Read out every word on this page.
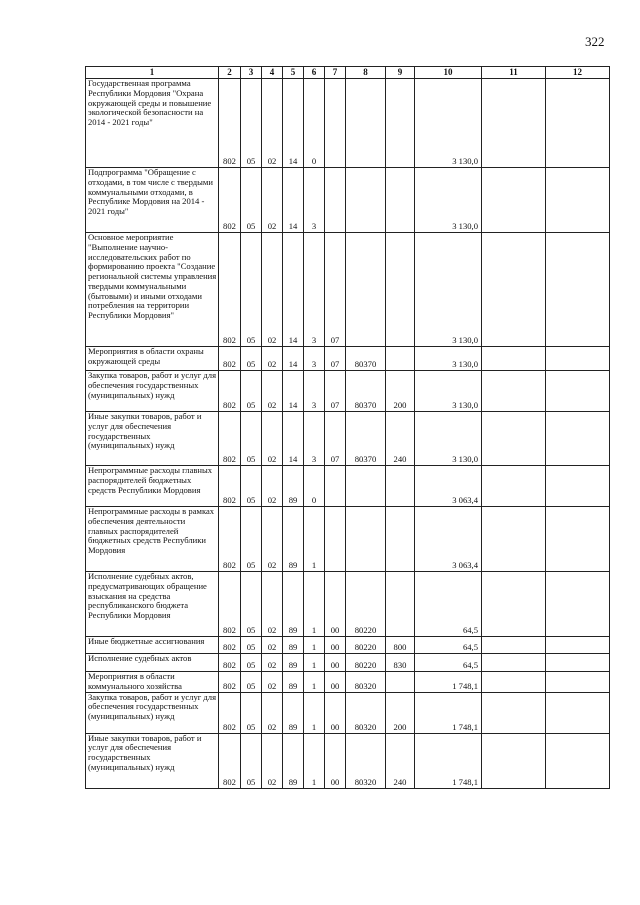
322
1	2	3	4	5	6	7	8	9	10	11	12
Государственная программа Республики Мордовия "Охрана окружающей среды и повышение экологической безопасности на 2014 - 2021 годы"	802	05	02	14	0				3 130,0		
Подпрограмма "Обращение с отходами, в том числе с твердыми коммунальными отходами, в Республике Мордовия на 2014 - 2021 годы"	802	05	02	14	3				3 130,0		
Основное мероприятие "Выполнение научно-исследовательских работ по формированию проекта "Создание региональной системы управления твердыми коммунальными (бытовыми) и иными отходами потребления на территории Республики Мордовия"	802	05	02	14	3	07			3 130,0		
Мероприятия в области охраны окружающей среды	802	05	02	14	3	07	80370		3 130,0		
Закупка товаров, работ и услуг для обеспечения государственных (муниципальных) нужд	802	05	02	14	3	07	80370	200	3 130,0		
Иные закупки товаров, работ и услуг для обеспечения государственных (муниципальных) нужд	802	05	02	14	3	07	80370	240	3 130,0		
Непрограммные расходы главных распорядителей бюджетных средств Республики Мордовия	802	05	02	89	0				3 063,4		
Непрограммные расходы в рамках обеспечения деятельности главных распорядителей бюджетных средств Республики Мордовия	802	05	02	89	1				3 063,4		
Исполнение судебных актов, предусматривающих обращение взыскания на средства республиканского бюджета Республики Мордовия	802	05	02	89	1	00	80220		64,5		
Иные бюджетные ассигнования	802	05	02	89	1	00	80220	800	64,5		
Исполнение судебных актов	802	05	02	89	1	00	80220	830	64,5		
Мероприятия в области коммунального хозяйства	802	05	02	89	1	00	80320		1 748,1		
Закупка товаров, работ и услуг для обеспечения государственных (муниципальных) нужд	802	05	02	89	1	00	80320	200	1 748,1		
Иные закупки товаров, работ и услуг для обеспечения государственных (муниципальных) нужд	802	05	02	89	1	00	80320	240	1 748,1		
